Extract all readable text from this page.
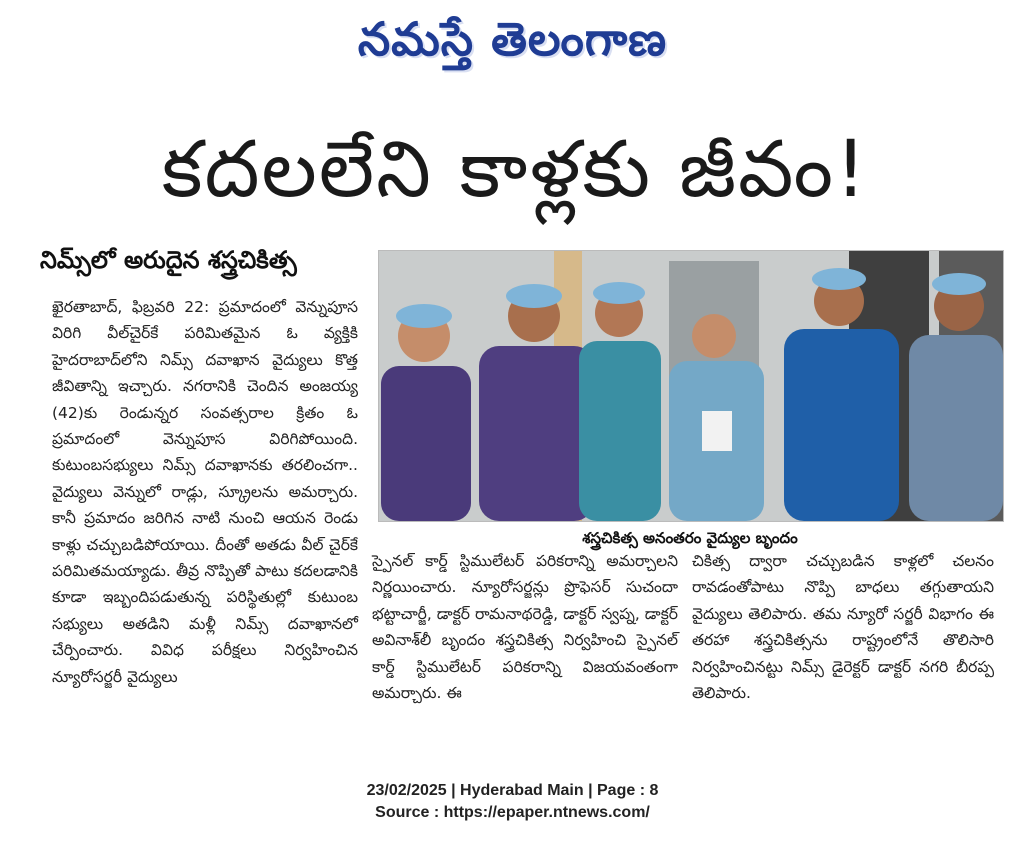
నమస్తే తెలంగాణ
కదలలేని కాళ్లకు జీవం!
నిమ్స్‌లో అరుదైన శస్త్రచికిత్స

ఖైరతాబాద్, ఫిబ్రవరి 22: ప్రమాదంలో వెన్నుపూస విరిగి వీల్‌చైర్‌కే పరిమితమైన ఓ వ్యక్తికి హైదరాబాద్‌లోని నిమ్స్ దవాఖాన వైద్యులు కొత్త జీవితాన్ని ఇచ్చారు. నగరానికి చెందిన అంజయ్య (42)కు రెండున్నర సంవత్సరాల క్రితం ఓ ప్రమాదంలో వెన్నుపూస విరిగిపోయింది. కుటుంబసభ్యులు నిమ్స్ దవాఖానకు తరలించగా.. వైద్యులు వెన్నులో రాడ్లు, స్క్రూలను అమర్చారు. కానీ ప్రమాదం జరిగిన నాటి నుంచి ఆయన రెండు కాళ్లు చచ్చుబడిపోయాయి. దీంతో అతడు వీల్ చైర్‌కే పరిమితమయ్యాడు. తీవ్ర నొప్పితో పాటు కదలడానికి కూడా ఇబ్బందిపడుతున్న పరిస్థితుల్లో కుటుంబ సభ్యులు అతడిని మళ్లీ నిమ్స్ దవాఖానలో చేర్పించారు. వివిధ పరీక్షలు నిర్వహించిన న్యూరోసర్జరీ వైద్యులు

శస్త్రచికిత్స అనంతరం వైద్యుల బృందం

స్పైనల్ కార్డ్ స్టిములేటర్ పరికరాన్ని అమర్చాలని నిర్ణయించారు. న్యూరోసర్జన్లు ప్రొఫెసర్ సుచందా భట్టాచార్జీ, డాక్టర్ రామనాథరెడ్డి, డాక్టర్ స్వప్న, డాక్టర్ అవినాశ్‌లీ బృందం శస్త్రచికిత్స నిర్వహించి స్పైనల్ కార్డ్ స్టిములేటర్ పరికరాన్ని విజయవంతంగా అమర్చారు. ఈ

చికిత్స ద్వారా చచ్చుబడిన కాళ్లలో చలనం రావడంతోపాటు నొప్పి బాధలు తగ్గుతాయని వైద్యులు తెలిపారు. తమ న్యూరో సర్జరీ విభాగం ఈ తరహా శస్త్రచికిత్సను రాష్ట్రంలోనే తొలిసారి నిర్వహించినట్టు నిమ్స్ డైరెక్టర్ డాక్టర్ నగరి బీరప్ప తెలిపారు.

23/02/2025 | Hyderabad Main | Page : 8
Source : https://epaper.ntnews.com/
